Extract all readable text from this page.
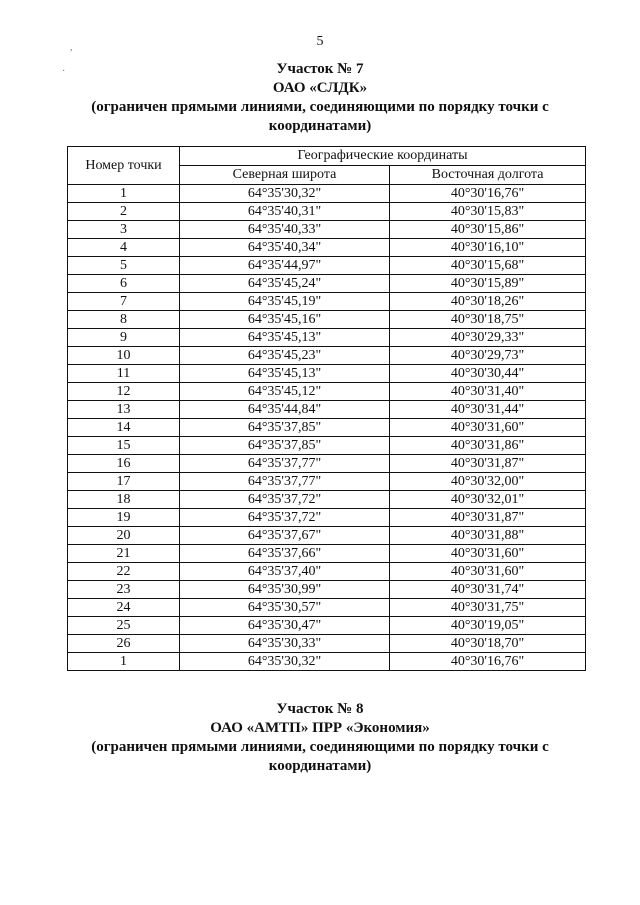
,
·
5
Участок № 7
ОАО «СЛДК»
(ограничен прямыми линиями, соединяющими по порядку точки с
координатами)
Номер точки	Географические координаты	
	Северная широта	Восточная долгота
1	64°35'30,32"	40°30'16,76"
2	64°35'40,31"	40°30'15,83"
3	64°35'40,33"	40°30'15,86"
4	64°35'40,34"	40°30'16,10"
5	64°35'44,97"	40°30'15,68"
6	64°35'45,24"	40°30'15,89"
7	64°35'45,19"	40°30'18,26"
8	64°35'45,16"	40°30'18,75"
9	64°35'45,13"	40°30'29,33"
10	64°35'45,23"	40°30'29,73"
11	64°35'45,13"	40°30'30,44"
12	64°35'45,12"	40°30'31,40"
13	64°35'44,84"	40°30'31,44"
14	64°35'37,85"	40°30'31,60"
15	64°35'37,85"	40°30'31,86"
16	64°35'37,77"	40°30'31,87"
17	64°35'37,77"	40°30'32,00"
18	64°35'37,72"	40°30'32,01"
19	64°35'37,72"	40°30'31,87"
20	64°35'37,67"	40°30'31,88"
21	64°35'37,66"	40°30'31,60"
22	64°35'37,40"	40°30'31,60"
23	64°35'30,99"	40°30'31,74"
24	64°35'30,57"	40°30'31,75"
25	64°35'30,47"	40°30'19,05"
26	64°35'30,33"	40°30'18,70"
1	64°35'30,32"	40°30'16,76"
Участок № 8
ОАО «АМТП» ПРР «Экономия»
(ограничен прямыми линиями, соединяющими по порядку точки с
координатами)
